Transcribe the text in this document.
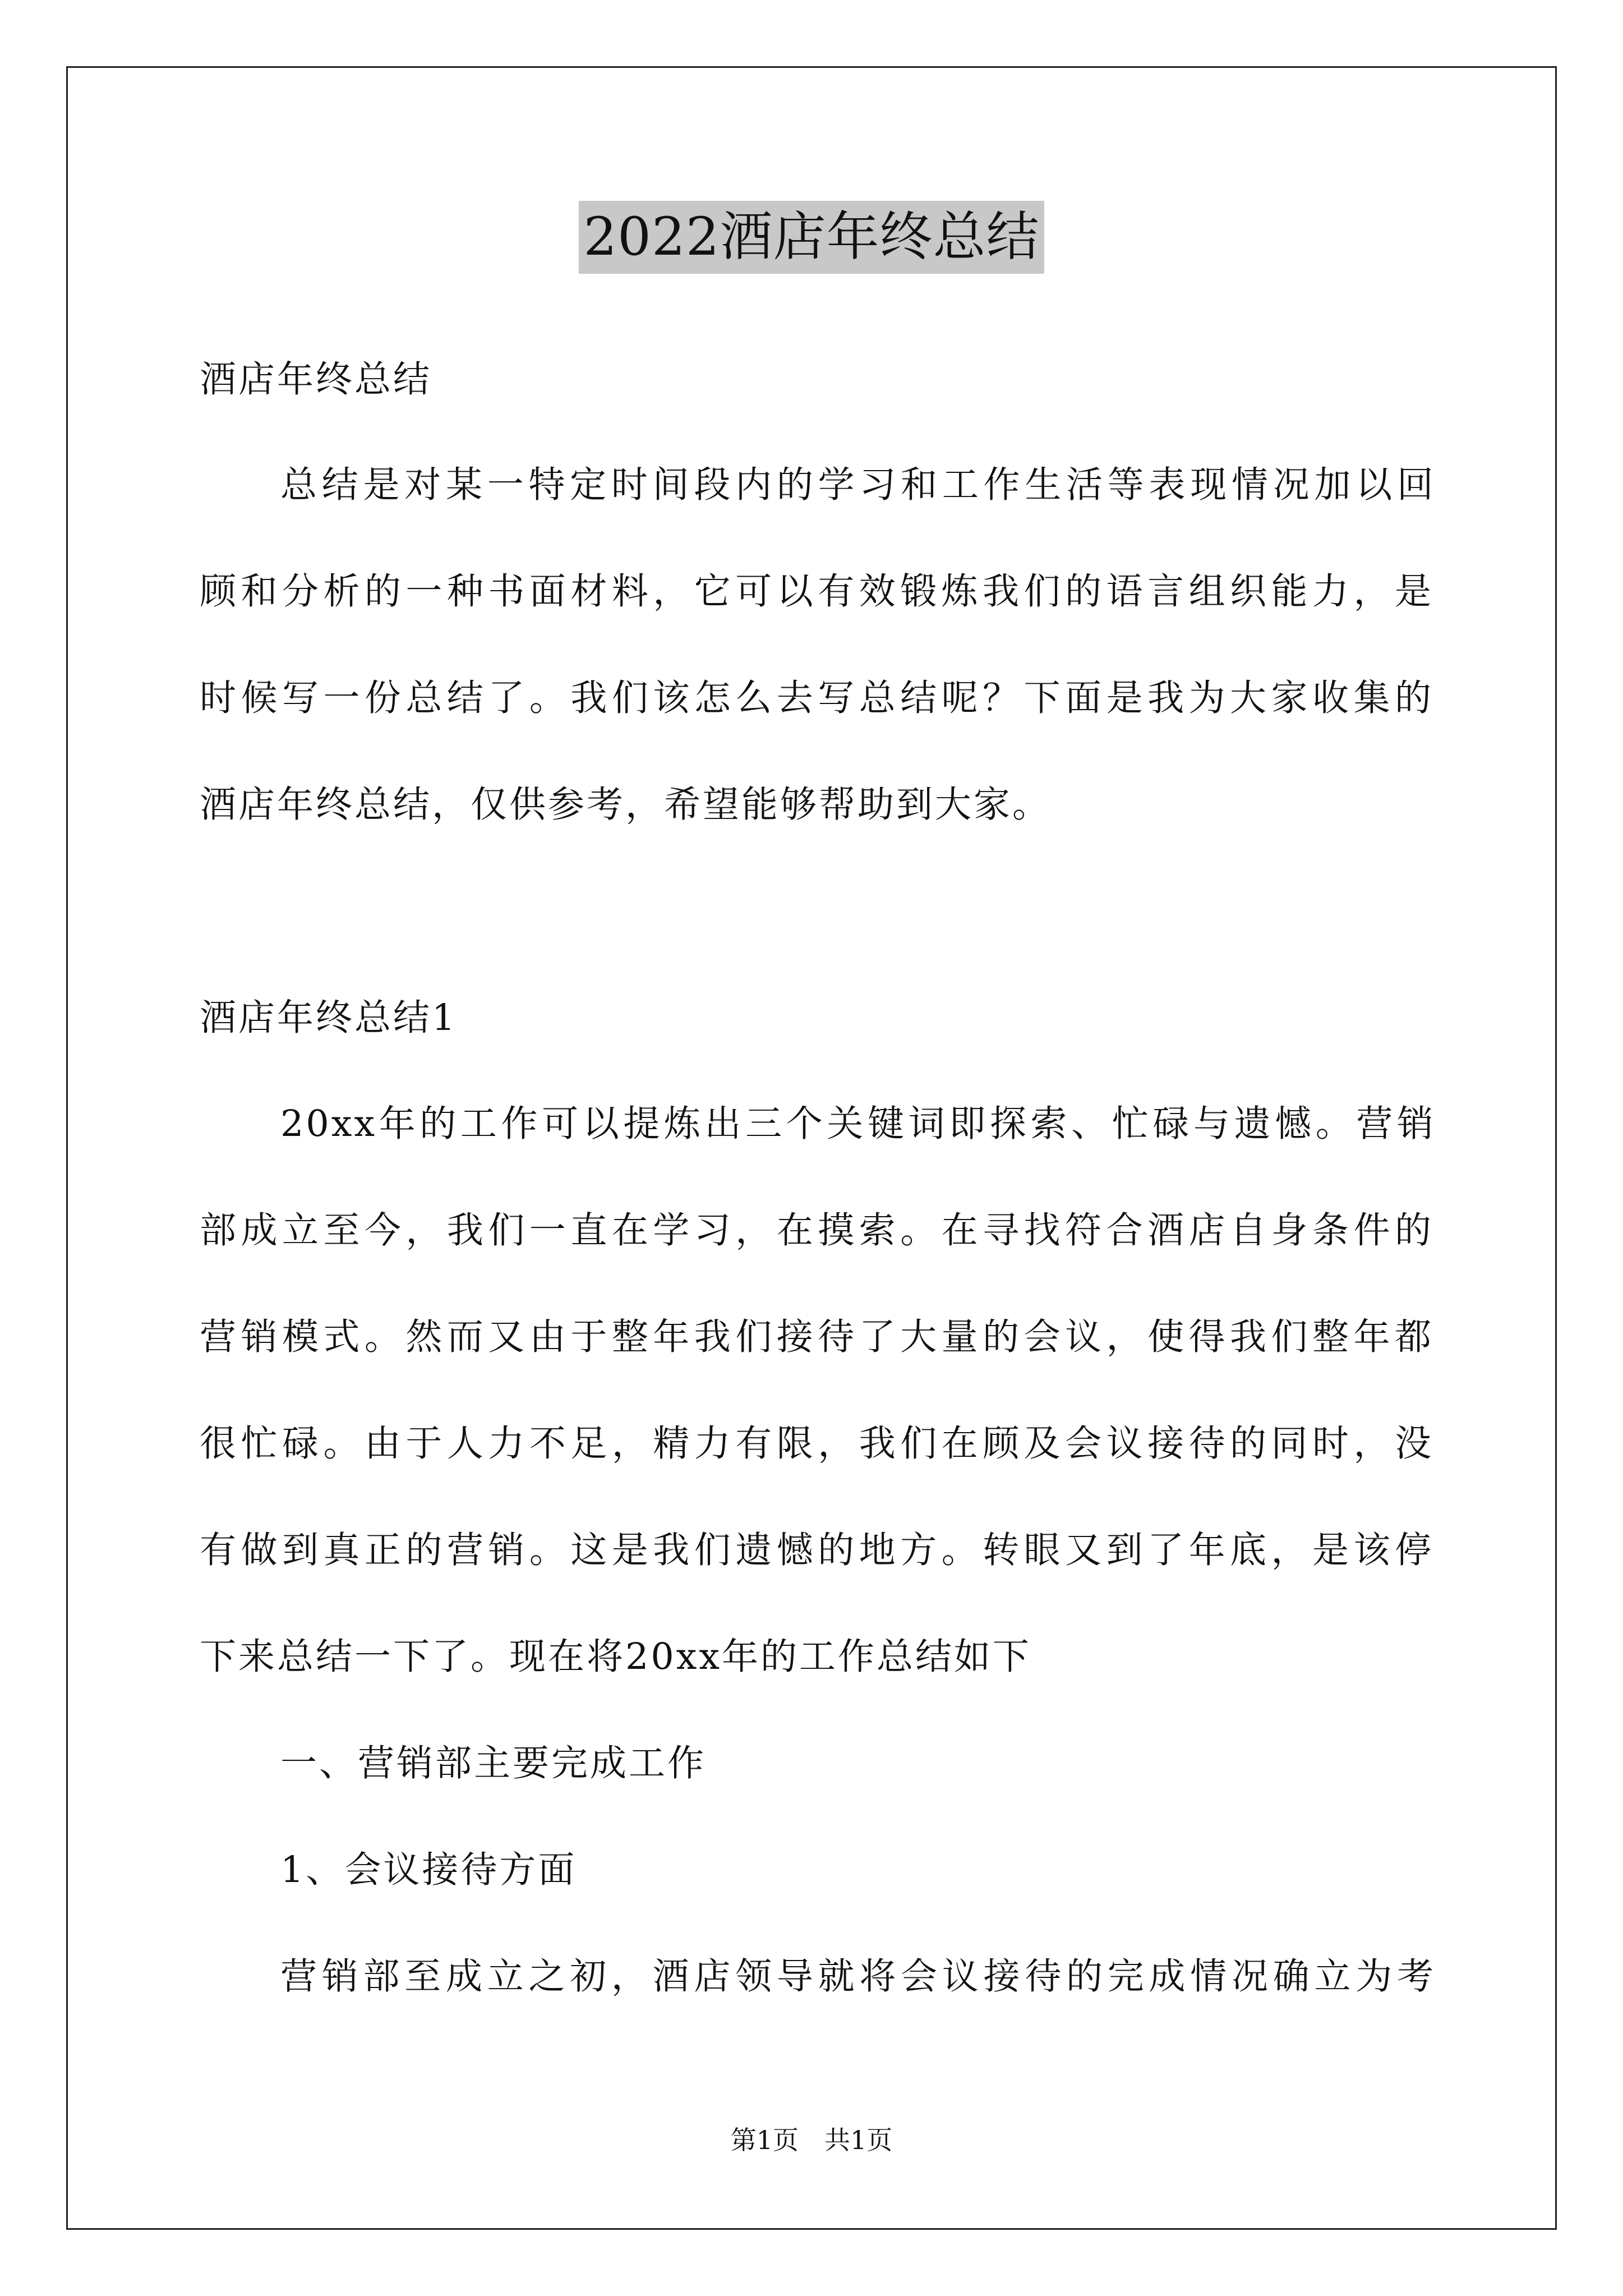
2022酒店年终总结
酒店年终总结
总结是对某一特定时间段内的学习和工作生活等表现情况加以回
顾和分析的一种书面材料，它可以有效锻炼我们的语言组织能力，是
时候写一份总结了。我们该怎么去写总结呢？下面是我为大家收集的
酒店年终总结，仅供参考，希望能够帮助到大家。
酒店年终总结1
20xx年的工作可以提炼出三个关键词即探索、忙碌与遗憾。营销
部成立至今，我们一直在学习，在摸索。在寻找符合酒店自身条件的
营销模式。然而又由于整年我们接待了大量的会议，使得我们整年都
很忙碌。由于人力不足，精力有限，我们在顾及会议接待的同时，没
有做到真正的营销。这是我们遗憾的地方。转眼又到了年底，是该停
下来总结一下了。现在将20xx年的工作总结如下
一、营销部主要完成工作
1、会议接待方面
营销部至成立之初，酒店领导就将会议接待的完成情况确立为考
第1页　共1页
